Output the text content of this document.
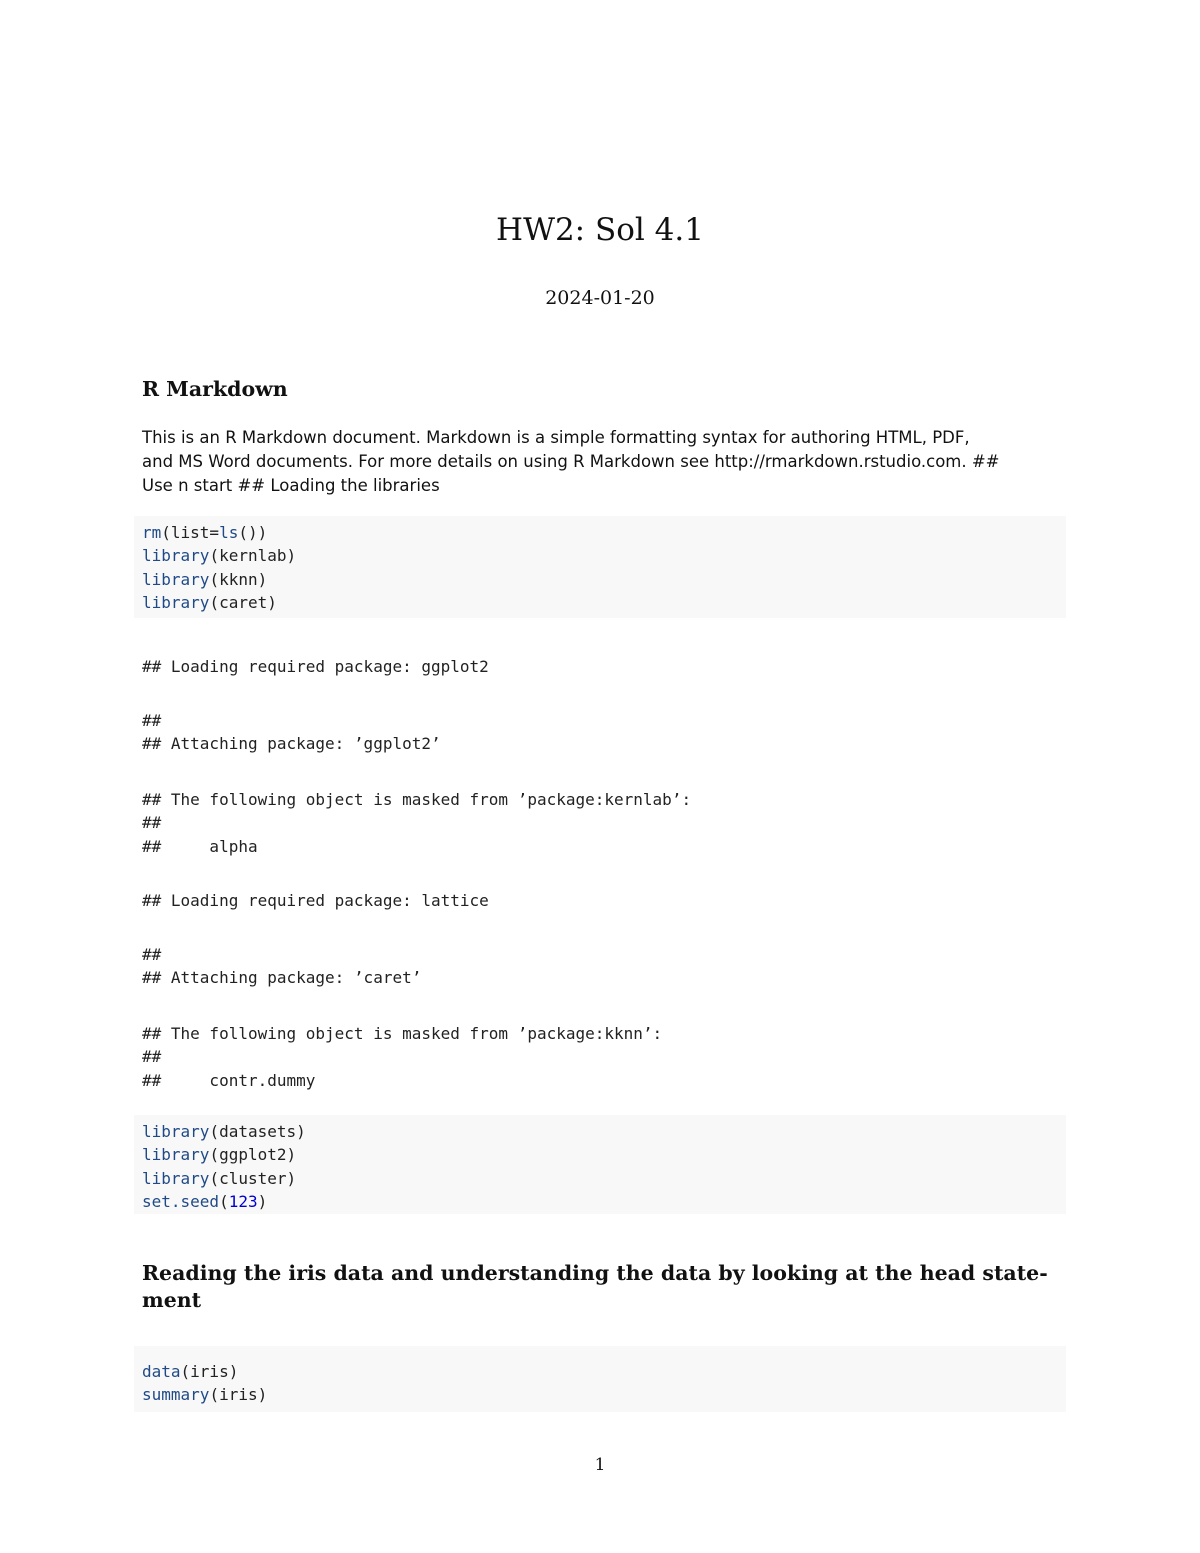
HW2: Sol 4.1
2024-01-20
R Markdown
This is an R Markdown document. Markdown is a simple formatting syntax for authoring HTML, PDF,
and MS Word documents. For more details on using R Markdown see http://rmarkdown.rstudio.com. ##
Use n start ## Loading the libraries
rm(list=ls())
library(kernlab)
library(kknn)
library(caret)
## Loading required package: ggplot2
##
## Attaching package: ’ggplot2’
## The following object is masked from ’package:kernlab’:
##
##     alpha
## Loading required package: lattice
##
## Attaching package: ’caret’
## The following object is masked from ’package:kknn’:
##
##     contr.dummy
library(datasets)
library(ggplot2)
library(cluster)
set.seed(123)
Reading the iris data and understanding the data by looking at the head state-
ment
data(iris)
summary(iris)
1
